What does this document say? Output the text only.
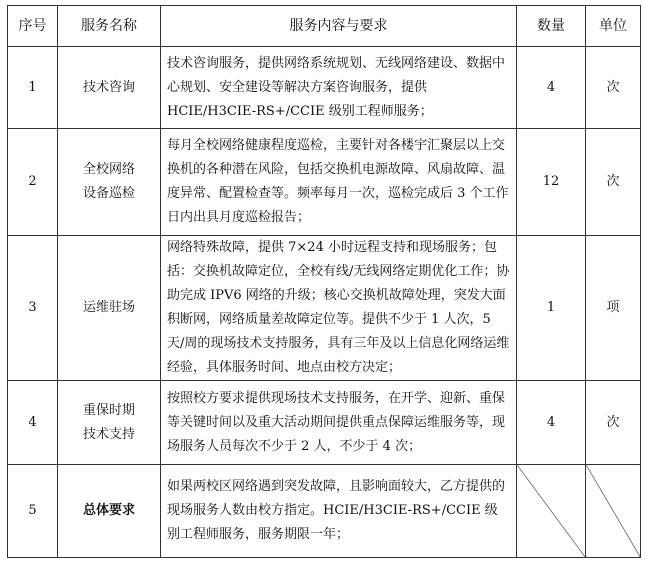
序号	服务名称	服务内容与要求	数量	单位
1	技术咨询	技术咨询服务，提供网络系统规划、无线网络建设、数据中心规划、安全建设等解决方案咨询服务，提供HCIE/H3CIE-RS+/CCIE 级别工程师服务；	4	次
2	全校网络设备巡检	每月全校网络健康程度巡检，主要针对各楼宇汇聚层以上交换机的各种潜在风险，包括交换机电源故障、风扇故障、温度异常、配置检查等。频率每月一次，巡检完成后 3 个工作日内出具月度巡检报告；	12	次
3	运维驻场	网络特殊故障，提供 7×24 小时远程支持和现场服务；包括：交换机故障定位，全校有线/无线网络定期优化工作；协助完成 IPV6 网络的升级；核心交换机故障处理，突发大面积断网，网络质量差故障定位等。提供不少于 1 人次，5 天/周的现场技术支持服务，具有三年及以上信息化网络运维经验，具体服务时间、地点由校方决定；	1	项
4	重保时期技术支持	按照校方要求提供现场技术支持服务，在开学、迎新、重保等关键时间以及重大活动期间提供重点保障运维服务等，现场服务人员每次不少于 2 人，不少于 4 次；	4	次
5	总体要求	如果两校区网络遇到突发故障，且影响面较大，乙方提供的现场服务人数由校方指定。HCIE/H3CIE-RS+/CCIE 级别工程师服务，服务期限一年；		
